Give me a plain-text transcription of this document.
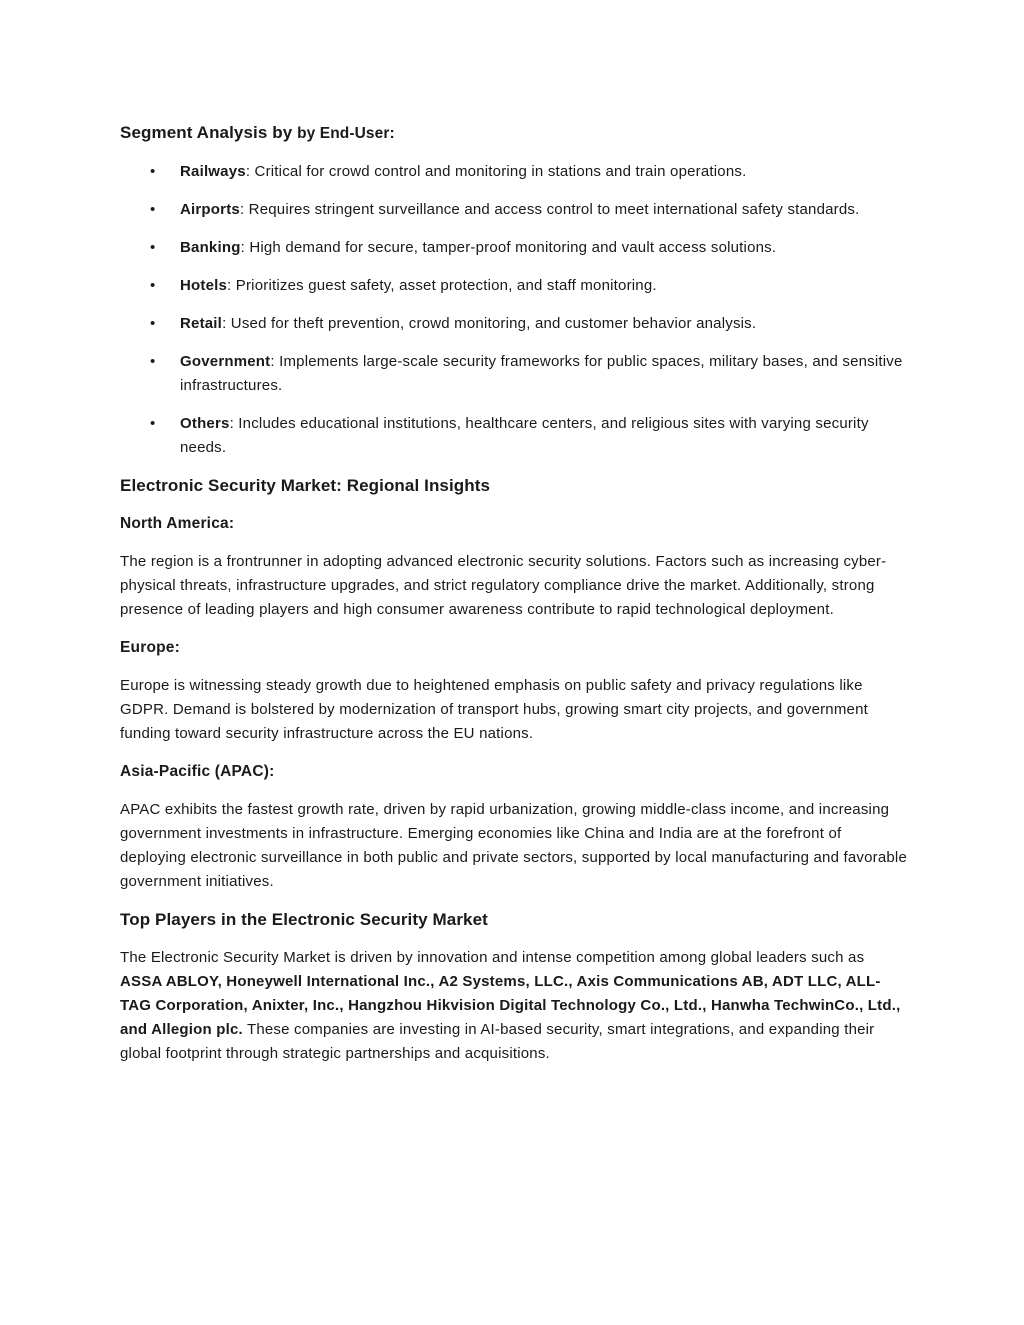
Segment Analysis by by End-User:
• Railways: Critical for crowd control and monitoring in stations and train operations.
• Airports: Requires stringent surveillance and access control to meet international safety standards.
• Banking: High demand for secure, tamper-proof monitoring and vault access solutions.
• Hotels: Prioritizes guest safety, asset protection, and staff monitoring.
• Retail: Used for theft prevention, crowd monitoring, and customer behavior analysis.
• Government: Implements large-scale security frameworks for public spaces, military bases, and sensitive infrastructures.
• Others: Includes educational institutions, healthcare centers, and religious sites with varying security needs.
Electronic Security Market: Regional Insights
North America:

The region is a frontrunner in adopting advanced electronic security solutions. Factors such as increasing cyber-physical threats, infrastructure upgrades, and strict regulatory compliance drive the market. Additionally, strong presence of leading players and high consumer awareness contribute to rapid technological deployment.

Europe:

Europe is witnessing steady growth due to heightened emphasis on public safety and privacy regulations like GDPR. Demand is bolstered by modernization of transport hubs, growing smart city projects, and government funding toward security infrastructure across the EU nations.

Asia-Pacific (APAC):

APAC exhibits the fastest growth rate, driven by rapid urbanization, growing middle-class income, and increasing government investments in infrastructure. Emerging economies like China and India are at the forefront of deploying electronic surveillance in both public and private sectors, supported by local manufacturing and favorable government initiatives.

Top Players in the Electronic Security Market

The Electronic Security Market is driven by innovation and intense competition among global leaders such as ASSA ABLOY, Honeywell International Inc., A2 Systems, LLC., Axis Communications AB, ADT LLC, ALL-TAG Corporation, Anixter, Inc., Hangzhou Hikvision Digital Technology Co., Ltd., Hanwha TechwinCo., Ltd., and Allegion plc. These companies are investing in AI-based security, smart integrations, and expanding their global footprint through strategic partnerships and acquisitions.
